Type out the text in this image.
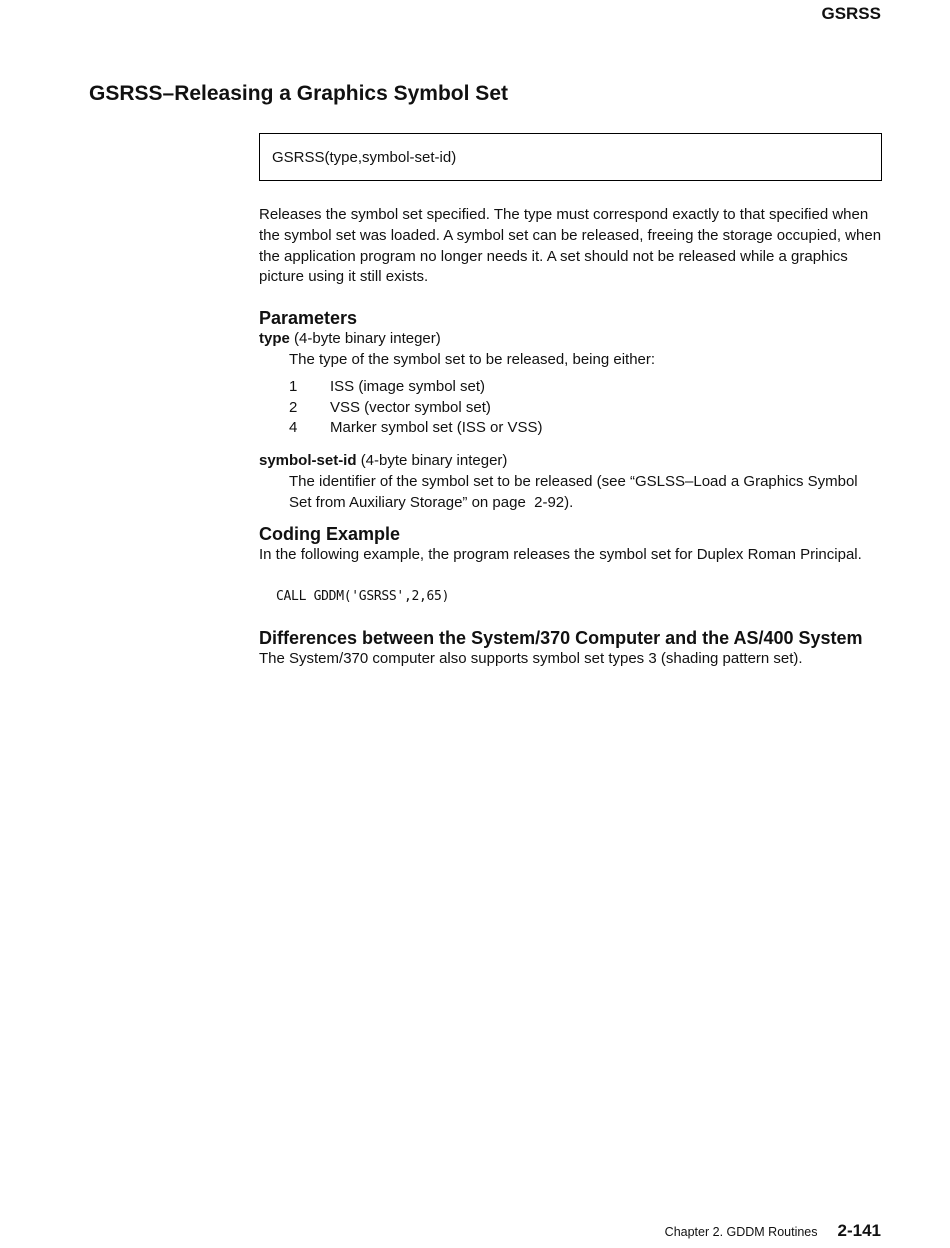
GSRSS
GSRSS–Releasing a Graphics Symbol Set
GSRSS(type,symbol-set-id)

Releases the symbol set specified. The type must correspond exactly to that specified when the symbol set was loaded. A symbol set can be released, freeing the storage occupied, when the application program no longer needs it. A set should not be released while a graphics picture using it still exists.

Parameters
type (4-byte binary integer)
The type of the symbol set to be released, being either:
1	ISS (image symbol set)
2	VSS (vector symbol set)
4	Marker symbol set (ISS or VSS)
symbol-set-id (4-byte binary integer)
The identifier of the symbol set to be released (see “GSLSS–Load a Graphics Symbol Set from Auxiliary Storage” on page  2-92).
Coding Example

In the following example, the program releases the symbol set for Duplex Roman Principal.

CALL GDDM('GSRSS',2,65)
Differences between the System/370 Computer and the AS/400 System

The System/370 computer also supports symbol set types 3 (shading pattern set).

Chapter 2. GDDM Routines 2-141
